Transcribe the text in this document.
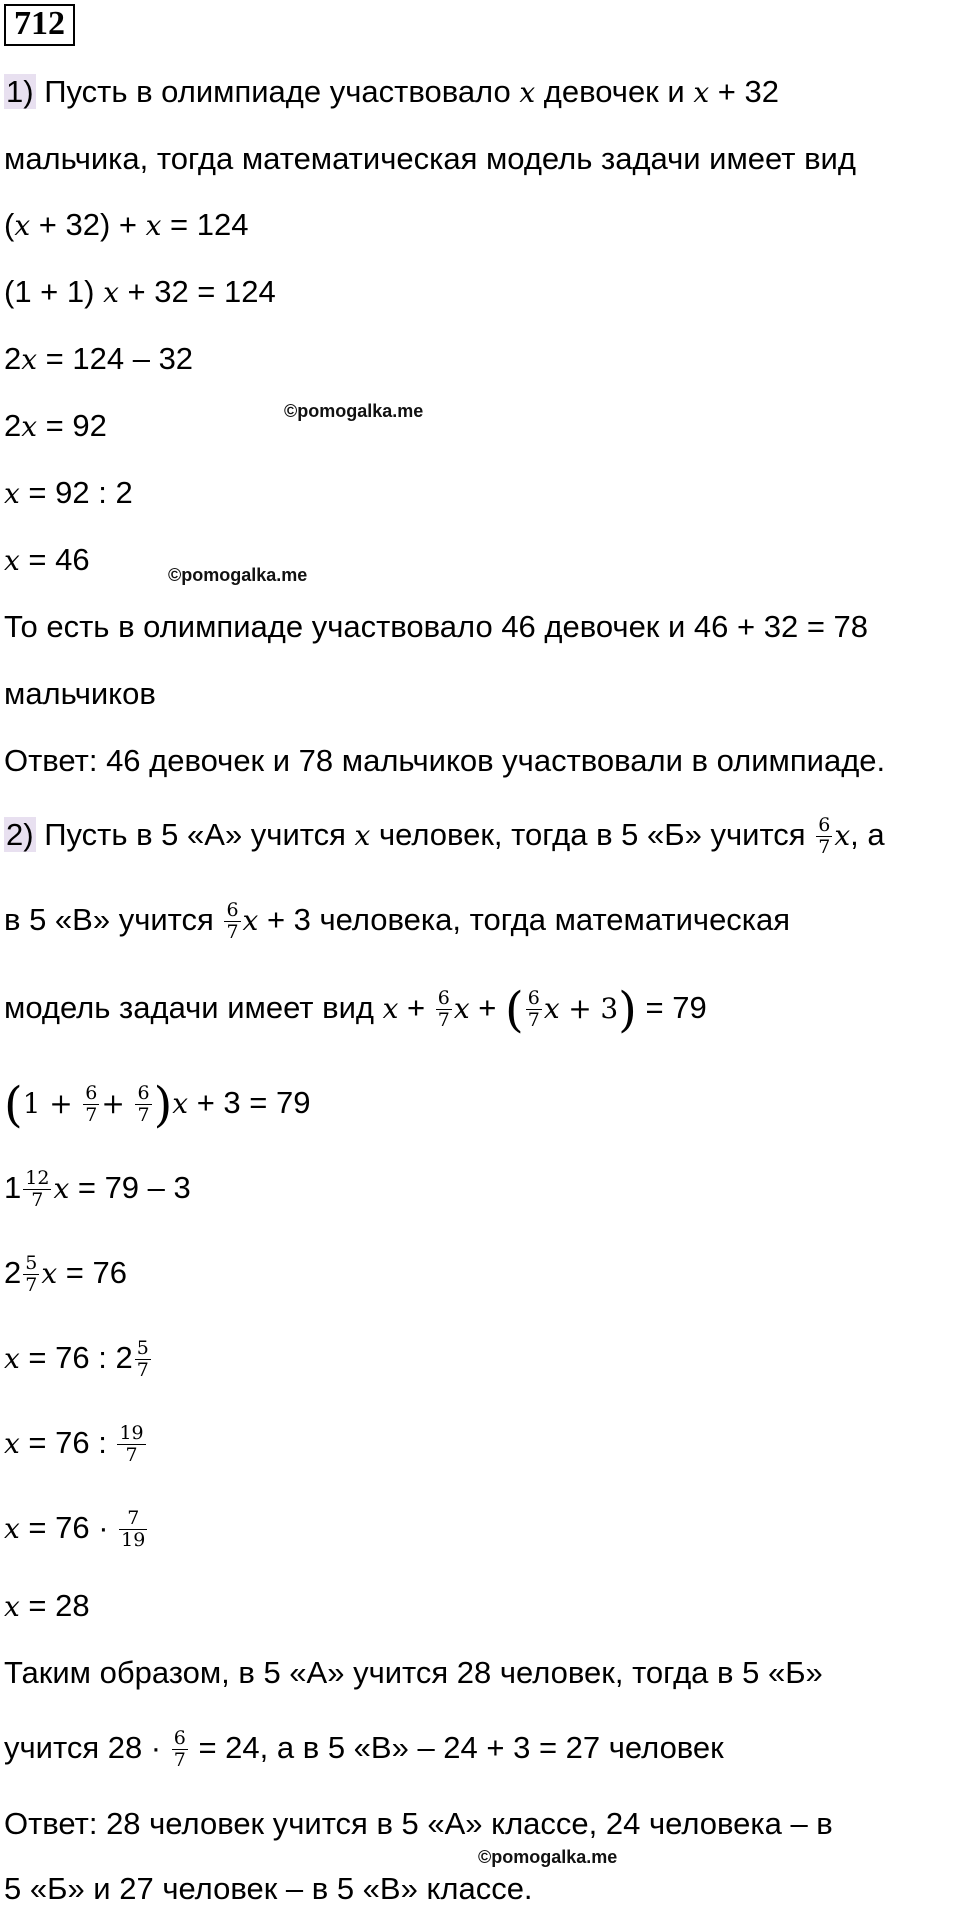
712
1) Пусть в олимпиаде участвовало x девочек и x + 32
мальчика, тогда математическая модель задачи имеет вид
(x + 32) + x = 124
(1 + 1) x + 32 = 124
2x = 124 – 32
2x = 92	©pomogalka.me
x = 92 : 2
x = 46	©pomogalka.me
То есть в олимпиаде участвовало 46 девочек и 46 + 32 = 78
мальчиков
Ответ: 46 девочек и 78 мальчиков участвовали в олимпиаде.
2) Пусть в 5 «А» учится x человек, тогда в 5 «Б» учится $\frac{6}{7} x$, а
в 5 «В» учится $\frac{6}{7}$ x + 3 человека, тогда математическая
модель задачи имеет вид $x + \frac{6}{7}$ x + ( $\frac{6}{7}$ x + 3) = 79
$(1 + \frac{6}{7} + \frac{6}{7} )x + 3 = 79$
$1 \frac{12}{7}$ x = 79 – 3
$2 \frac{5}{7}$ x = 76
x = 76 : $2 \frac{5}{7}$
x = 76 : $\frac{19}{7}$
$x = 76 \cdot \frac{7}{19}$
x = 28
Таким образом, в 5 «А» учится 28 человек, тогда в 5 «Б»
учится $28 \cdot \frac{6}{7} = 24$, а в 5 «В» – 24 + 3 = 27 человек
Ответ: 28 человек учится в 5 «А» классе, 24 человека – в
©pomogalka.me
5 «Б» и 27 человек – в 5 «В» классе.
